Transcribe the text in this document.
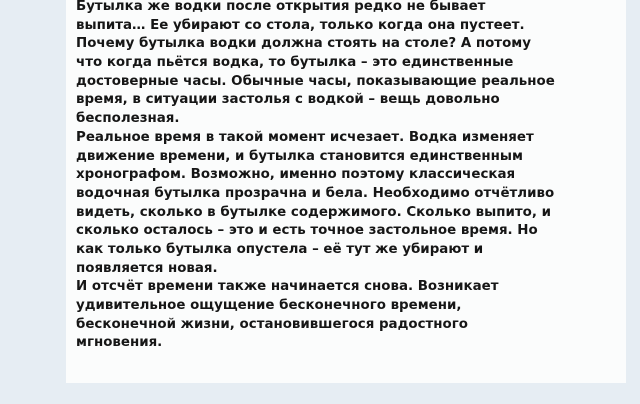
Бутылка же водки после открытия редко не бывает
выпита… Ее убирают со стола, только когда она пустеет.
Почему бутылка водки должна стоять на столе? А потому
что когда пьётся водка, то бутылка – это единственные
достоверные часы. Обычные часы, показывающие реальное
время, в ситуации застолья с водкой – вещь довольно
бесполезная.
Реальное время в такой момент исчезает. Водка изменяет
движение времени, и бутылка становится единственным
хронографом. Возможно, именно поэтому классическая
водочная бутылка прозрачна и бела. Необходимо отчётливо
видеть, сколько в бутылке содержимого. Сколько выпито, и
сколько осталось – это и есть точное застольное время. Но
как только бутылка опустела – её тут же убирают и
появляется новая.
И отсчёт времени также начинается снова. Возникает
удивительное ощущение бесконечного времени,
бесконечной жизни, остановившегося радостного
мгновения.
